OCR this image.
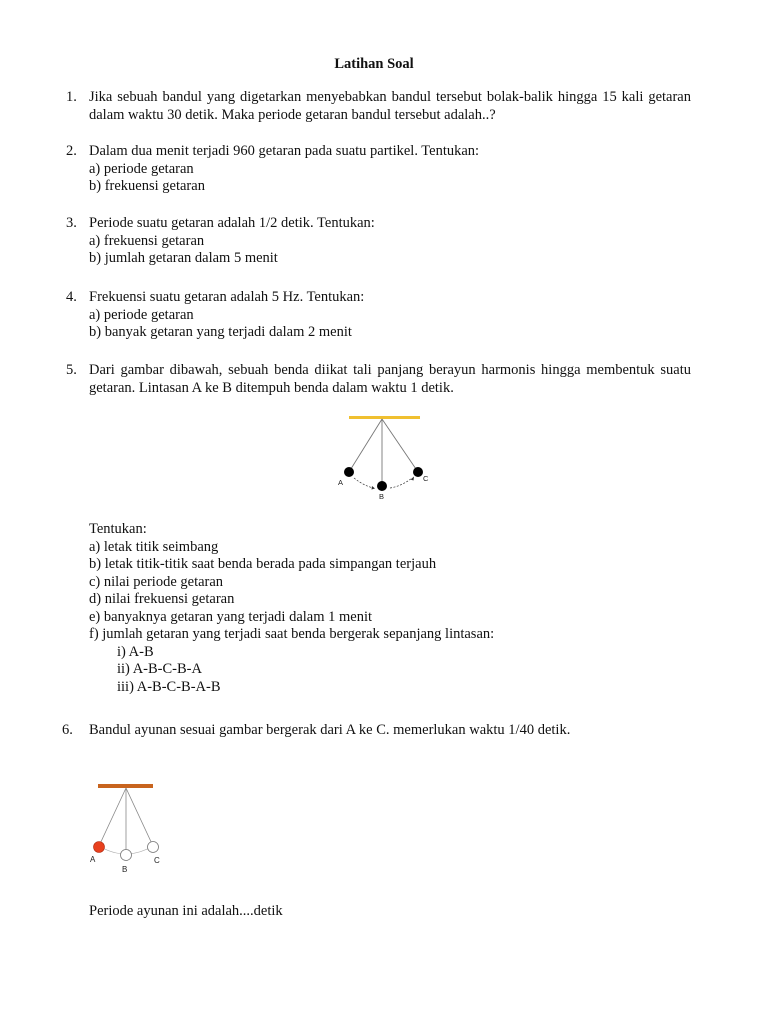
Latihan Soal
1. Jika sebuah bandul yang digetarkan menyebabkan bandul tersebut bolak-balik hingga 15 kali getaran dalam waktu 30 detik. Maka periode getaran bandul tersebut adalah..?
2. Dalam dua menit terjadi 960 getaran pada suatu partikel. Tentukan:
a) periode getaran
b) frekuensi getaran
3. Periode suatu getaran adalah 1/2 detik. Tentukan:
a) frekuensi getaran
b) jumlah getaran dalam 5 menit
4. Frekuensi suatu getaran adalah 5 Hz. Tentukan:
a) periode getaran
b) banyak getaran yang terjadi dalam 2 menit
5. Dari gambar dibawah, sebuah benda diikat tali panjang berayun harmonis hingga membentuk suatu getaran. Lintasan A ke B ditempuh benda dalam waktu 1 detik.
A
B
C
Tentukan:
a) letak titik seimbang
b) letak titik-titik saat benda berada pada simpangan terjauh
c) nilai periode getaran
d) nilai frekuensi getaran
e) banyaknya getaran yang terjadi dalam 1 menit
f) jumlah getaran yang terjadi saat benda bergerak sepanjang lintasan:
i) A-B
ii) A-B-C-B-A
iii) A-B-C-B-A-B
6.	Bandul ayunan sesuai gambar bergerak dari A ke C. memerlukan waktu 1/40 detik.
A
B
C
Periode ayunan ini adalah....detik
